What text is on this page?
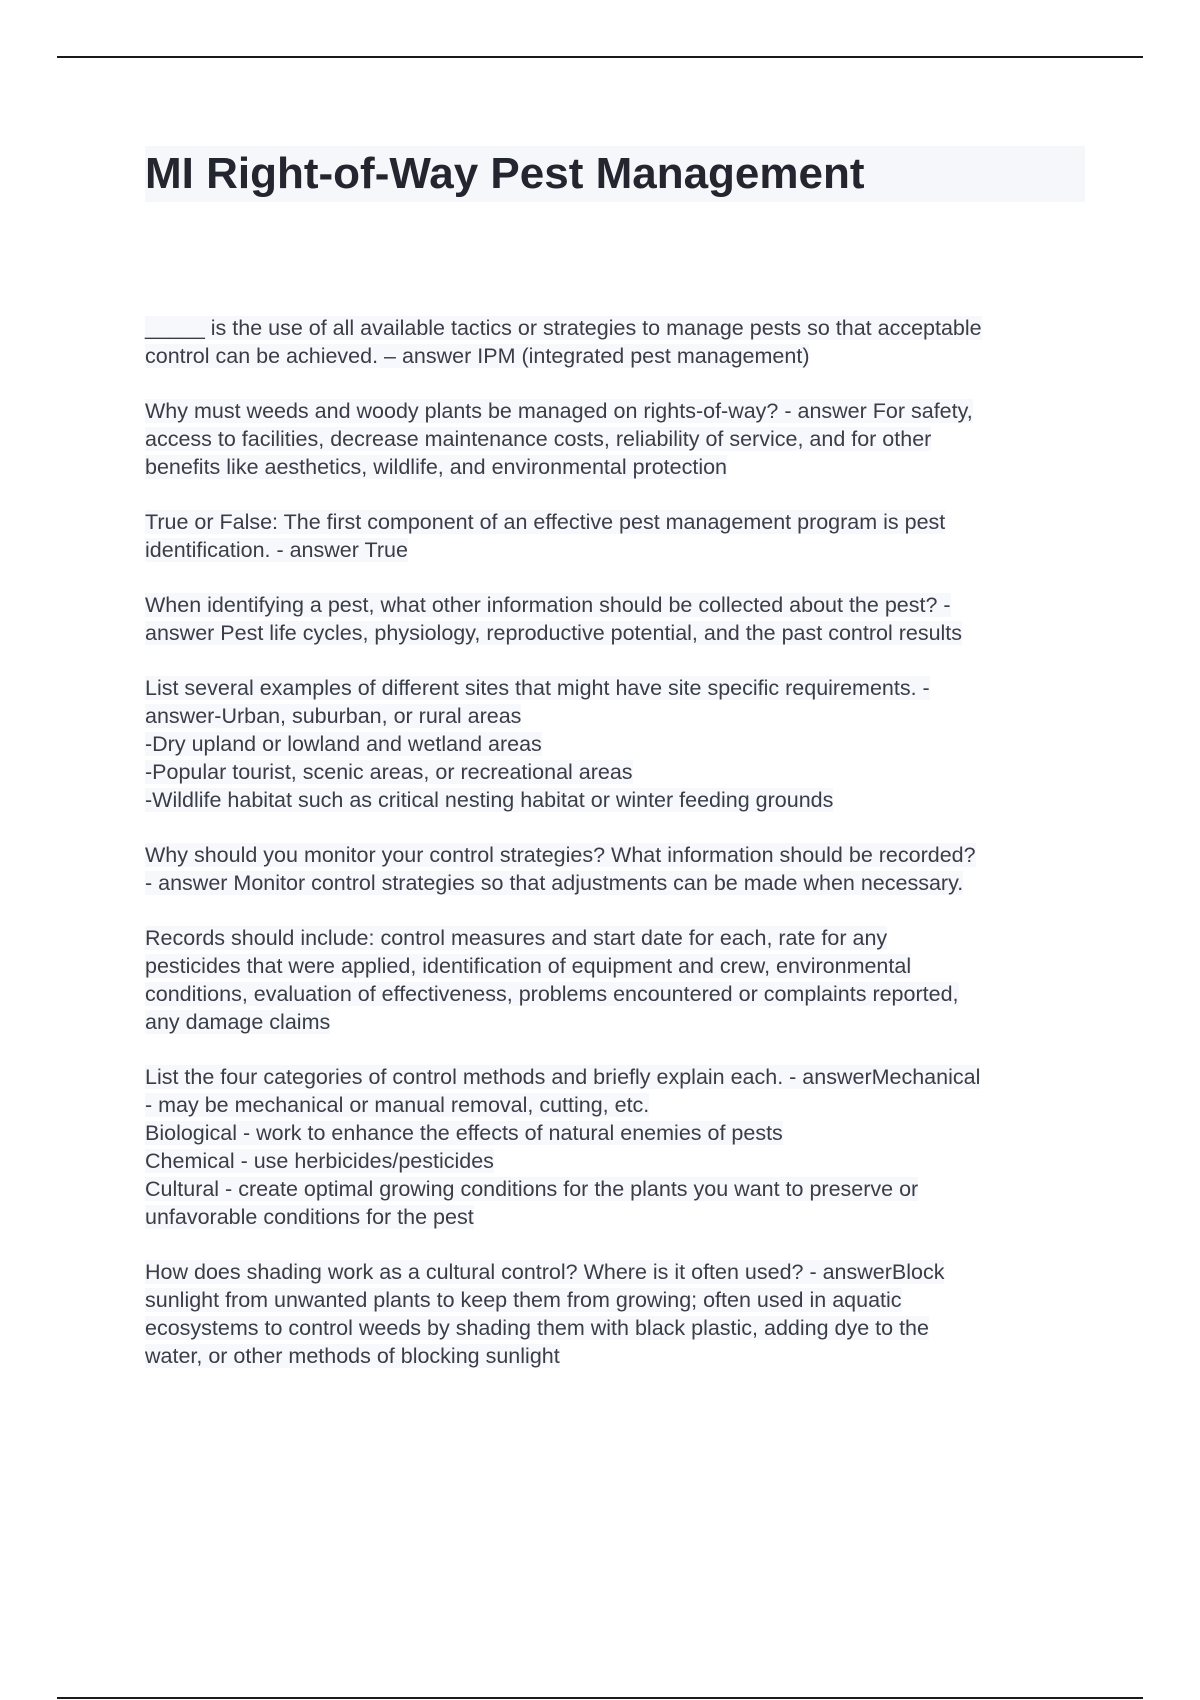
MI Right-of-Way Pest Management
_____ is the use of all available tactics or strategies to manage pests so that acceptable
control can be achieved. – answer IPM (integrated pest management)
Why must weeds and woody plants be managed on rights-of-way? - answer For safety,
access to facilities, decrease maintenance costs, reliability of service, and for other
benefits like aesthetics, wildlife, and environmental protection
True or False: The first component of an effective pest management program is pest
identification. - answer True
When identifying a pest, what other information should be collected about the pest? -
answer Pest life cycles, physiology, reproductive potential, and the past control results
List several examples of different sites that might have site specific requirements. -
answer-Urban, suburban, or rural areas
-Dry upland or lowland and wetland areas
-Popular tourist, scenic areas, or recreational areas
-Wildlife habitat such as critical nesting habitat or winter feeding grounds
Why should you monitor your control strategies? What information should be recorded?
- answer Monitor control strategies so that adjustments can be made when necessary.
Records should include: control measures and start date for each, rate for any
pesticides that were applied, identification of equipment and crew, environmental
conditions, evaluation of effectiveness, problems encountered or complaints reported,
any damage claims
List the four categories of control methods and briefly explain each. - answerMechanical
- may be mechanical or manual removal, cutting, etc.
Biological - work to enhance the effects of natural enemies of pests
Chemical - use herbicides/pesticides
Cultural - create optimal growing conditions for the plants you want to preserve or
unfavorable conditions for the pest
How does shading work as a cultural control? Where is it often used? - answerBlock
sunlight from unwanted plants to keep them from growing; often used in aquatic
ecosystems to control weeds by shading them with black plastic, adding dye to the
water, or other methods of blocking sunlight
